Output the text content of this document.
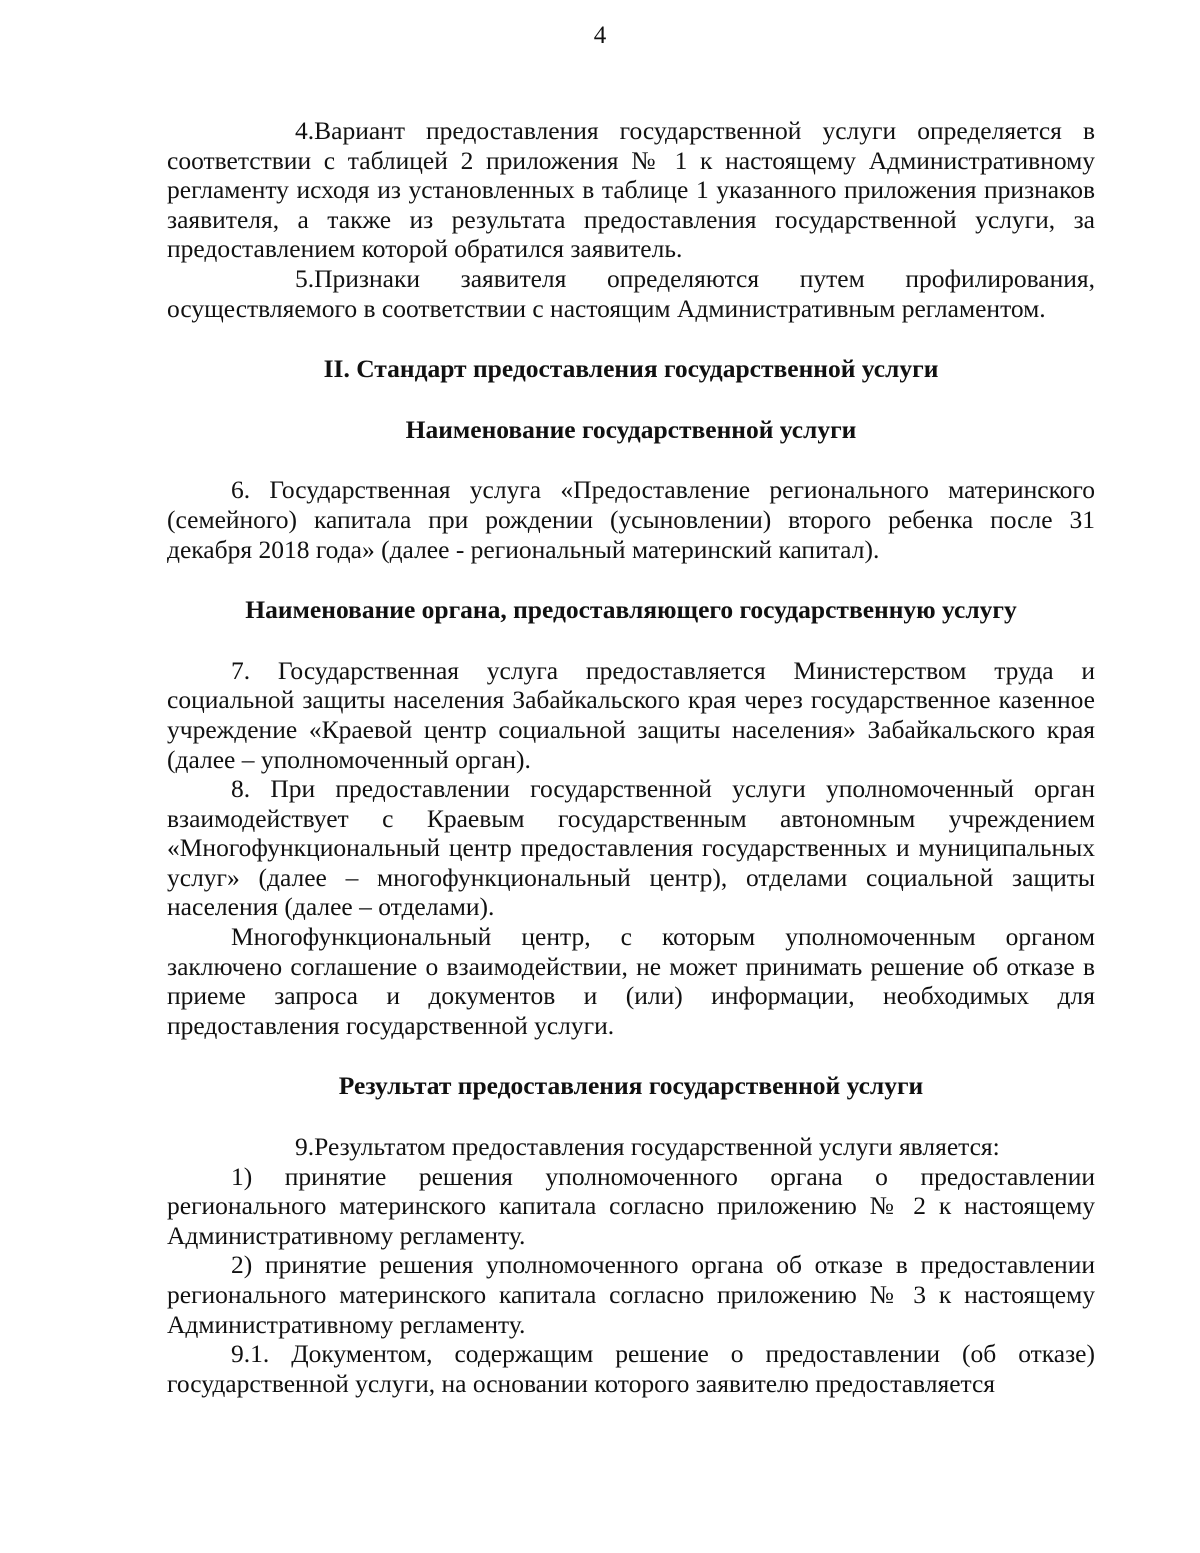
4

4.Вариант предоставления государственной услуги определяется в соответствии с таблицей 2 приложения № 1 к настоящему Административному регламенту исходя из установленных в таблице 1 указанного приложения признаков заявителя, а также из результата предоставления государственной услуги, за предоставлением которой обратился заявитель.

5.Признаки заявителя определяются путем профилирования, осуществляемого в соответствии с настоящим Административным регламентом.

II. Стандарт предоставления государственной услуги
Наименование государственной услуги

6. Государственная услуга «Предоставление регионального материнского (семейного) капитала при рождении (усыновлении) второго ребенка после 31 декабря 2018 года» (далее - региональный материнский капитал).

Наименование органа, предоставляющего государственную услугу

7. Государственная услуга предоставляется Министерством труда и социальной защиты населения Забайкальского края через государственное казенное учреждение «Краевой центр социальной защиты населения» Забайкальского края (далее – уполномоченный орган).

8. При предоставлении государственной услуги уполномоченный орган взаимодействует с Краевым государственным автономным учреждением «Многофункциональный центр предоставления государственных и муниципальных услуг» (далее – многофункциональный центр), отделами социальной защиты населения (далее – отделами).

Многофункциональный центр, с которым уполномоченным органом заключено соглашение о взаимодействии, не может принимать решение об отказе в приеме запроса и документов и (или) информации, необходимых для предоставления государственной услуги.

Результат предоставления государственной услуги

9.Результатом предоставления государственной услуги является:

1) принятие решения уполномоченного органа о предоставлении регионального материнского капитала согласно приложению № 2 к настоящему Административному регламенту.

2) принятие решения уполномоченного органа об отказе в предоставлении регионального материнского капитала согласно приложению № 3 к настоящему Административному регламенту.

9.1. Документом, содержащим решение о предоставлении (об отказе) государственной услуги, на основании которого заявителю предоставляется
